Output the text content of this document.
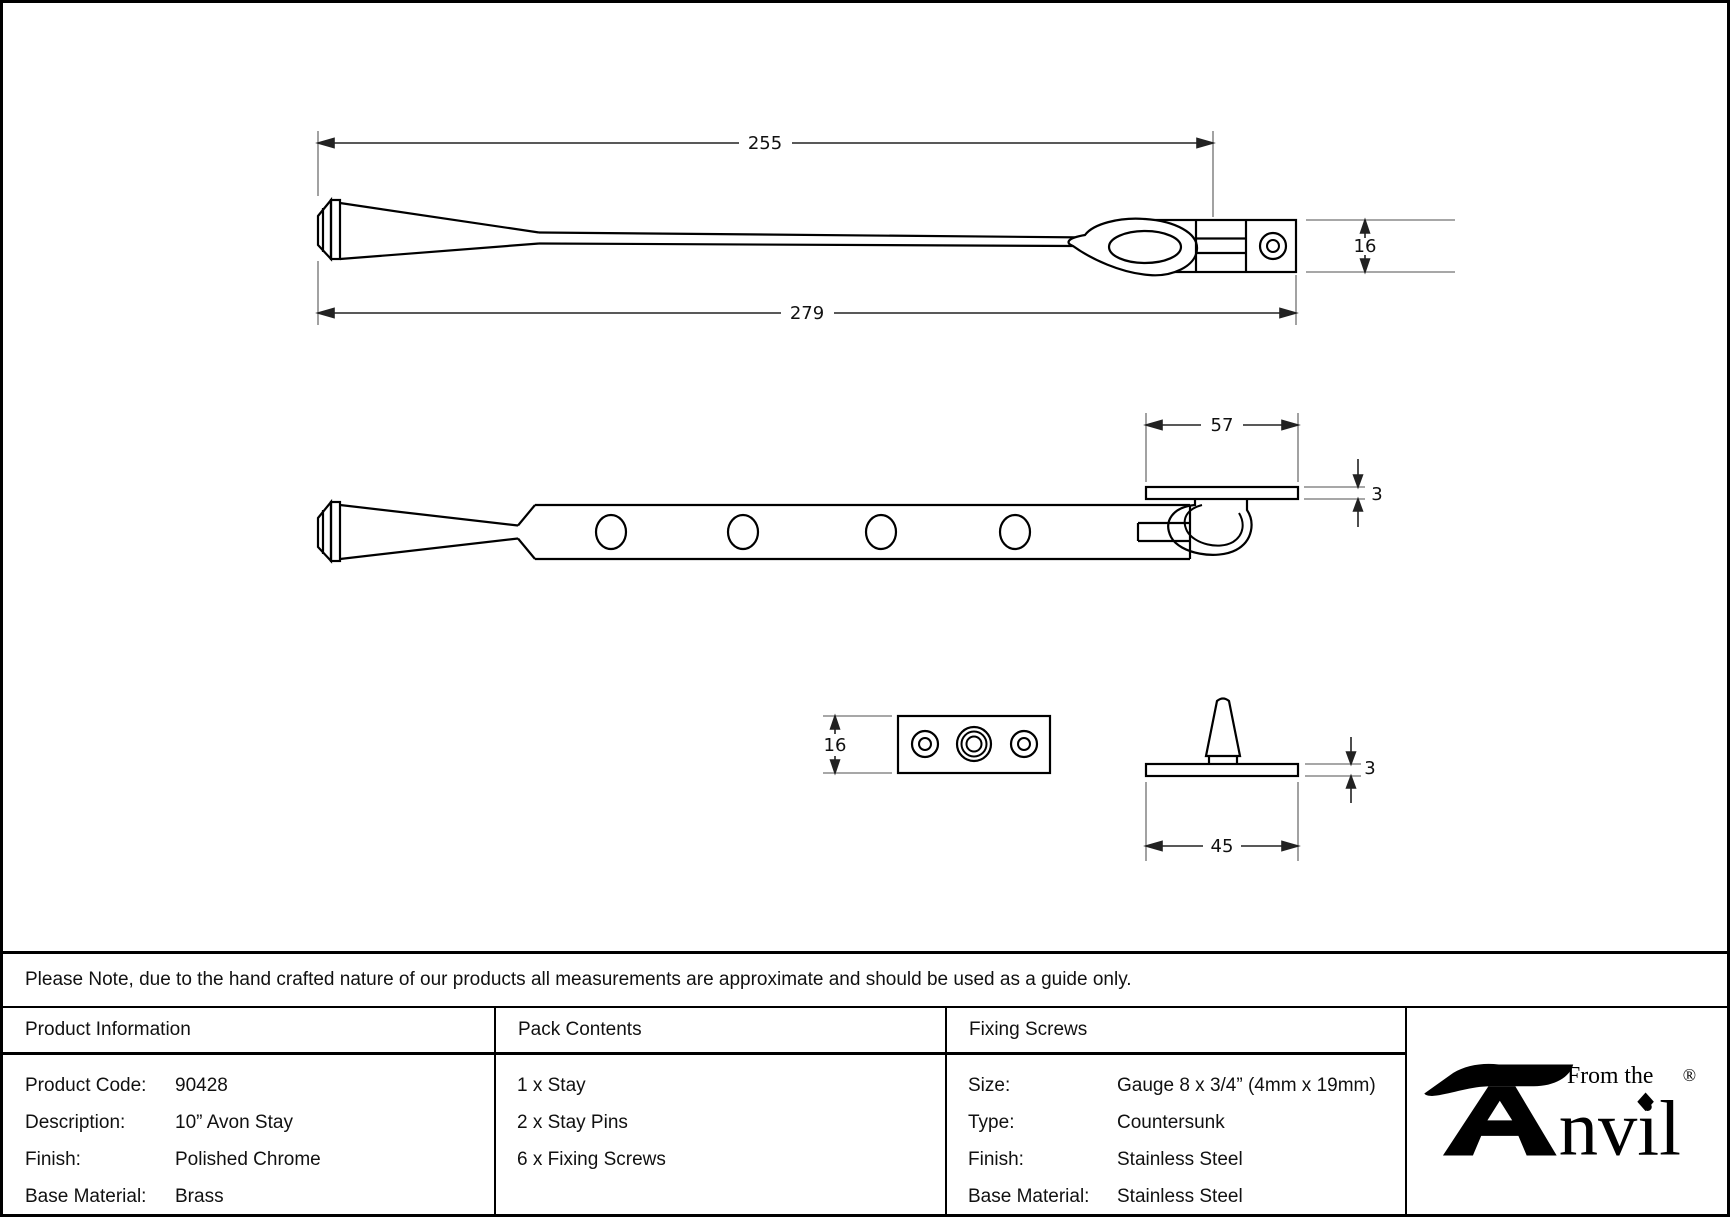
255
279
16
57
3
16
3
45
Please Note, due to the hand crafted nature of our products all measurements are approximate and should be used as a guide only.
Product Information
Product Code:	90428
Description:	10” Avon Stay
Finish:	Polished Chrome
Base Material:	Brass
Pack Contents
1 x Stay
2 x Stay Pins
6 x Fixing Screws
Fixing Screws
Size:	Gauge 8 x 3/4” (4mm x 19mm)
Type:	Countersunk
Finish:	Stainless Steel
Base Material:	Stainless Steel
From the
nvil
®
